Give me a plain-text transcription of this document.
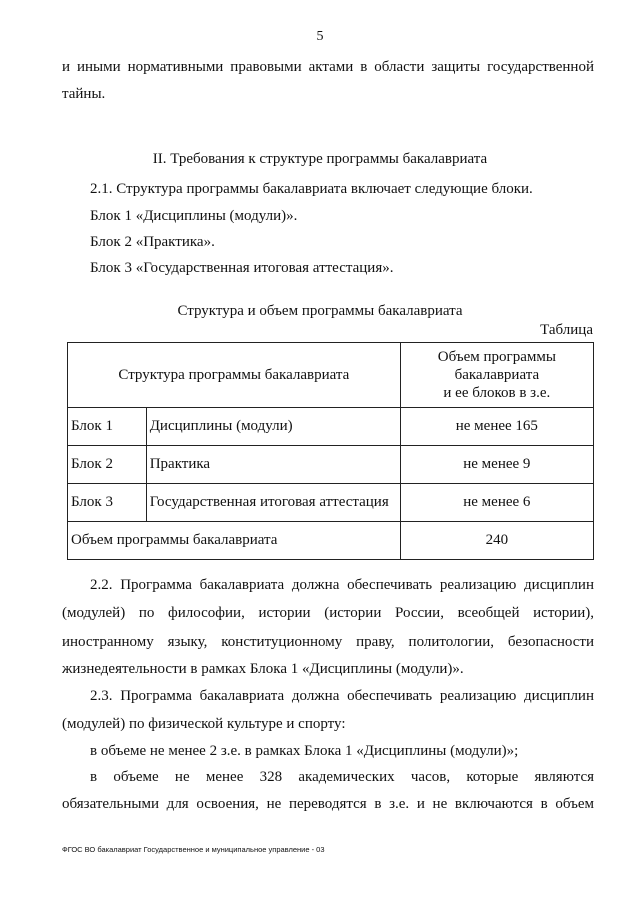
5

и иными нормативными правовыми актами в области защиты государственной

тайны.

II. Требования к структуре программы бакалавриата

2.1. Структура программы бакалавриата включает следующие блоки.

Блок 1 «Дисциплины (модули)».

Блок 2 «Практика».

Блок 3 «Государственная итоговая аттестация».

Структура и объем программы бакалавриата
Таблица
Структура программы бакалавриата		Объем программы
бакалавриата
и ее блоков в з.е.

Блок 1	Дисциплины (модули)	не менее 165
Блок 2	Практика	не менее 9
Блок 3	Государственная итоговая аттестация	не менее 6
Объем программы бакалавриата		240

2.2. Программа бакалавриата должна обеспечивать реализацию дисциплин

(модулей) по философии, истории (истории России, всеобщей истории),

иностранному языку, конституционному праву, политологии, безопасности

жизнедеятельности в рамках Блока 1 «Дисциплины (модули)».

2.3. Программа бакалавриата должна обеспечивать реализацию дисциплин

(модулей) по физической культуре и спорту:

в объеме не менее 2 з.е. в рамках Блока 1 «Дисциплины (модули)»;

в объеме не менее 328 академических часов, которые являются

обязательными для освоения, не переводятся в з.е. и не включаются в объем

ФГОС ВО бакалавриат Государственное и муниципальное управление - 03
